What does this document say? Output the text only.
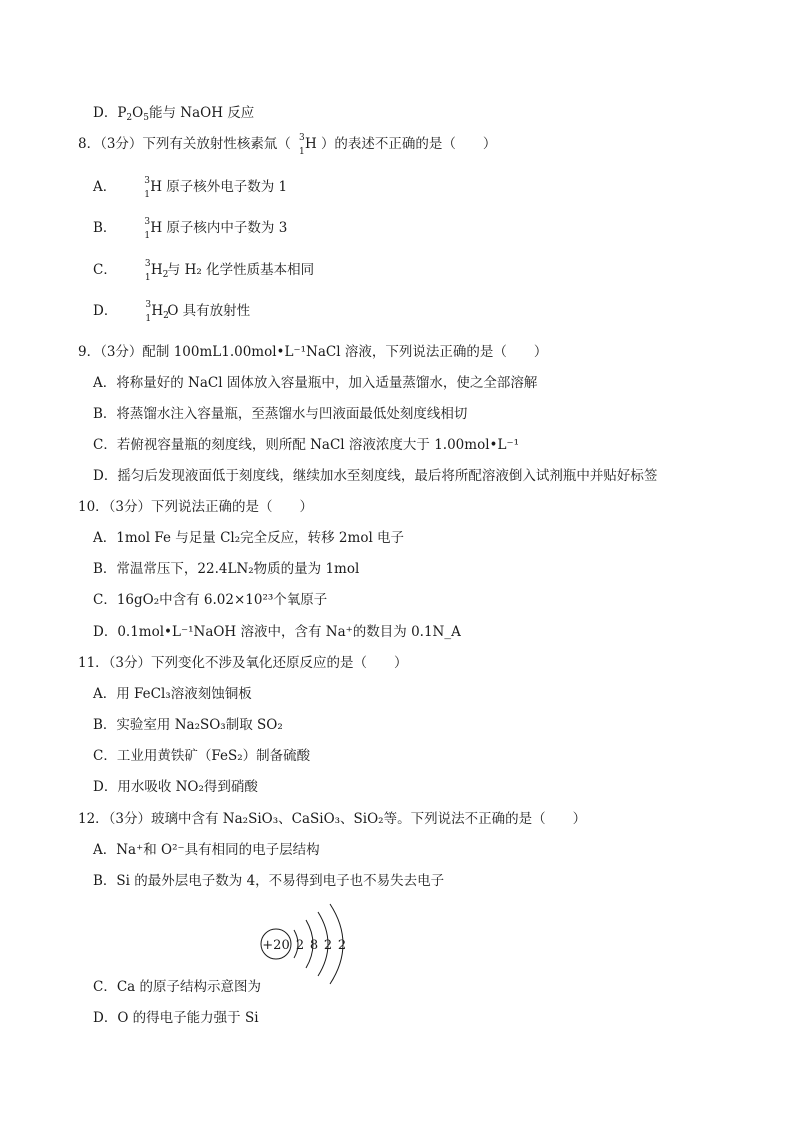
D．$P_2O_5$能与 NaOH 反应
8．（3分）下列有关放射性核素氚（ 3
1 H ）的表述不正确的是（　　）
A．	3
1 H 原子核外电子数为 1
B．	3
1 H 原子核内中子数为 3
C．	3
1 $H_2$
与 H₂ 化学性质基本相同
D．	3
1 $H_2$
O 具有放射性
9．（3分）配制 100mL1.00mol•L⁻¹NaCl 溶液，下列说法正确的是（　　）
A．将称量好的 NaCl 固体放入容量瓶中，加入适量蒸馏水，使之全部溶解
B．将蒸馏水注入容量瓶，至蒸馏水与凹液面最低处刻度线相切
C．若俯视容量瓶的刻度线，则所配 NaCl 溶液浓度大于 1.00mol•L⁻¹
D．摇匀后发现液面低于刻度线，继续加水至刻度线，最后将所配溶液倒入试剂瓶中并贴好标签
10．（3分）下列说法正确的是（　　）
A．1mol Fe 与足量 Cl₂完全反应，转移 2mol 电子
B．常温常压下，22.4LN₂物质的量为 1mol
C．16gO₂中含有 6.02×10²³个氧原子
D．0.1mol•L⁻¹NaOH 溶液中，含有 Na⁺的数目为 0.1N_A
11．（3分）下列变化不涉及氧化还原反应的是（　　）
A．用 FeCl₃溶液刻蚀铜板
B．实验室用 Na₂SO₃制取 SO₂
C．工业用黄铁矿（FeS₂）制备硫酸
D．用水吸收 NO₂得到硝酸
12．（3分）玻璃中含有 Na₂SiO₃、CaSiO₃、SiO₂等。下列说法不正确的是（　　）
A．Na⁺和 O²⁻具有相同的电子层结构
B．Si 的最外层电子数为 4，不易得到电子也不易失去电子
+20 2 8 2 2
C．Ca 的原子结构示意图为
D．O 的得电子能力强于 Si
